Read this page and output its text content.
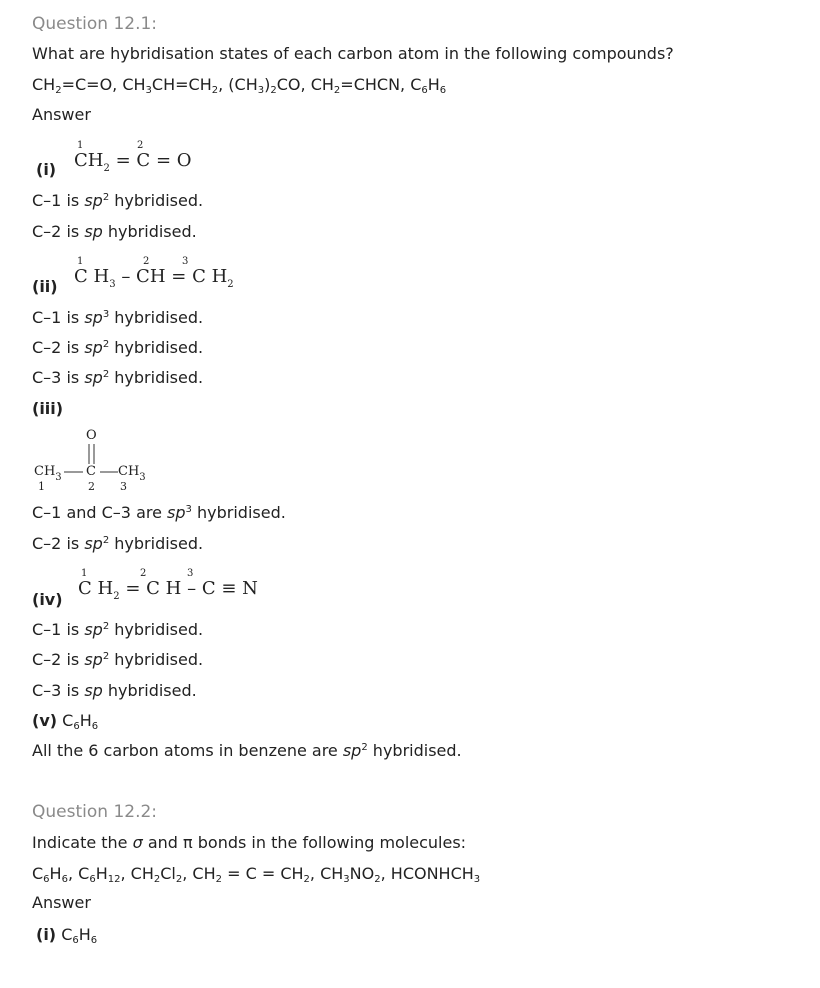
Question 12.1:
What are hybridisation states of each carbon atom in the following compounds?
$CH_2=C=O$, $CH_3CH=CH_2$, $(CH_3)_2CO$, $CH_2=CHCN$, $C_6H_6$
Answer
(i)
1	2
$CH_2 = C = O$
C–1 is $sp^2$ hybridised.
C–2 is sp hybridised.
(ii)
1	2	3
C $H_3$ – CH = C $H_2$
C–1 is $sp^3$ hybridised.
C–2 is $sp^2$ hybridised.
C–3 is $sp^2$ hybridised.
(iii)
O
$CH_3$ C $CH_3$
1	2 3
C–1 and C–3 are $sp^3$ hybridised.
C–2 is $sp^2$ hybridised.
(iv)
1	2	3
C $H_2 = C$ H – C ≡ N
C–1 is $sp^2$ hybridised.
C–2 is $sp^2$ hybridised.
C–3 is sp hybridised.
(v) $C_6H_6$
All the 6 carbon atoms in benzene are $sp^2$ hybridised.
Question 12.2:
Indicate the σ and π bonds in the following molecules:
$C_6H_6$, $C_6H_{12}$, $CH_2Cl_2$, $CH_2 = C = CH_2$, $CH_3NO_2$, $HCONHCH_3$
Answer
(i) $C_6H_6$
